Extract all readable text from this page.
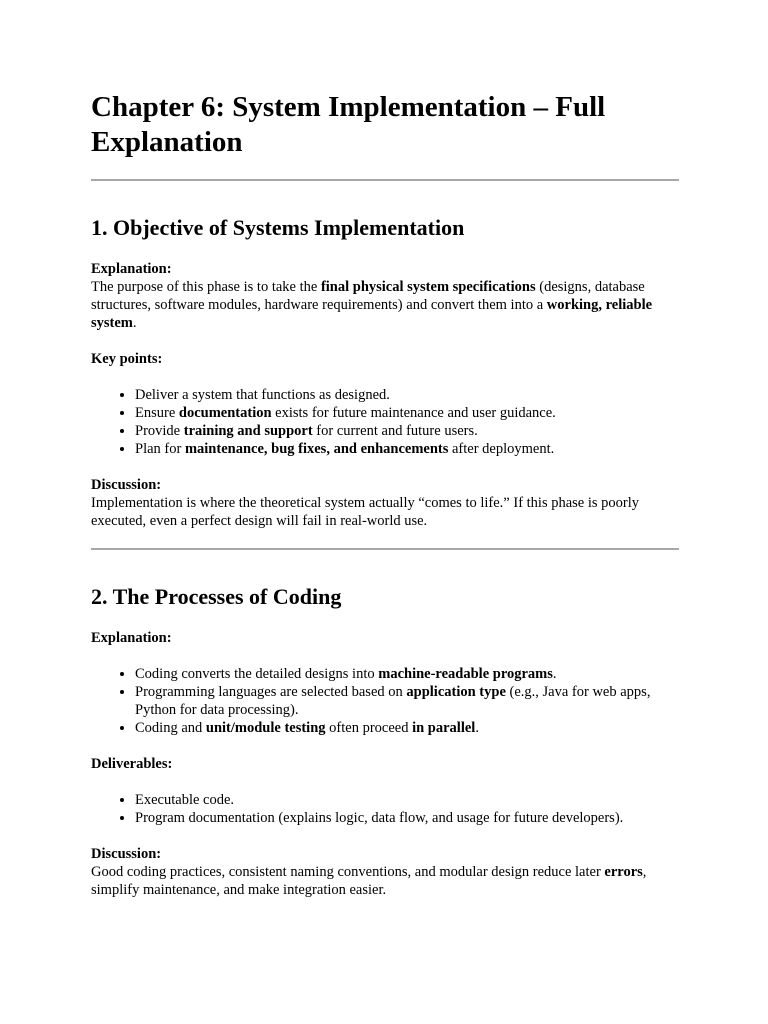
Chapter 6: System Implementation – Full Explanation
1. Objective of Systems Implementation
Explanation:

The purpose of this phase is to take the final physical system specifications (designs, database structures, software modules, hardware requirements) and convert them into a working, reliable system.

Key points:
• Deliver a system that functions as designed.
• Ensure documentation exists for future maintenance and user guidance.
• Provide training and support for current and future users.
• Plan for maintenance, bug fixes, and enhancements after deployment.
Discussion:

Implementation is where the theoretical system actually “comes to life.” If this phase is poorly executed, even a perfect design will fail in real-world use.

2. The Processes of Coding
Explanation:
• Coding converts the detailed designs into machine-readable programs.
• Programming languages are selected based on application type (e.g., Java for web apps, Python for data processing).
• Coding and unit/module testing often proceed in parallel.
Deliverables:
• Executable code.
• Program documentation (explains logic, data flow, and usage for future developers).
Discussion:

Good coding practices, consistent naming conventions, and modular design reduce later errors, simplify maintenance, and make integration easier.
